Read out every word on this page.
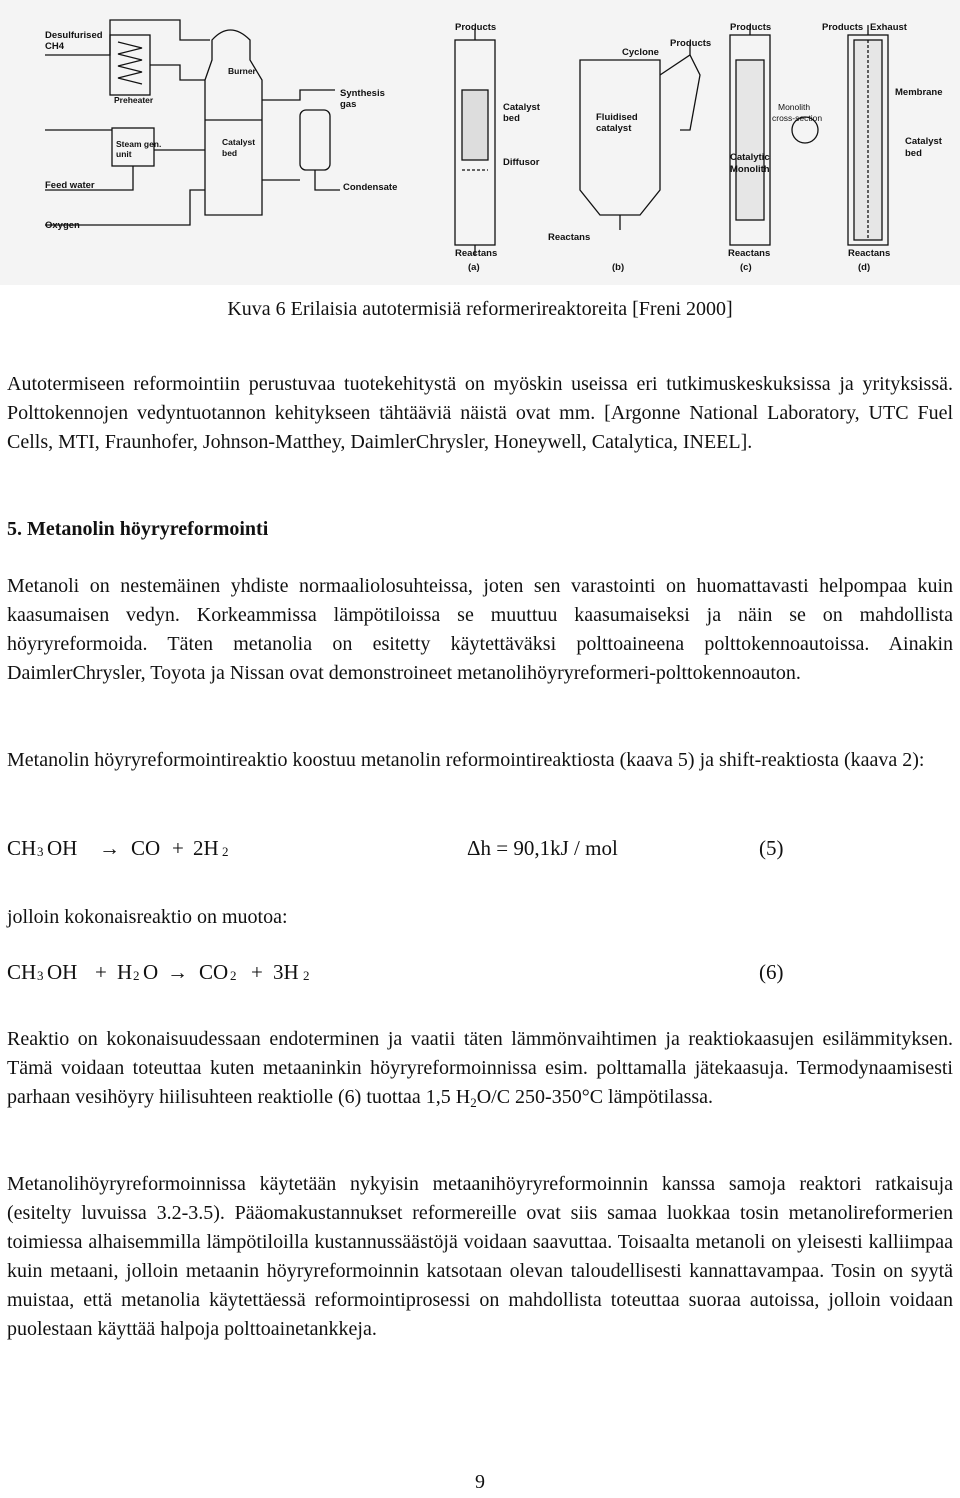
Desulfurised
CH4
Preheater
Burner
Synthesis
gas
Steam gen.
unit
Catalyst
bed
Feed water	Condensate
Oxygen
Products
Catalyst
bed
Diffusor
Reactans
(a)
Cyclone
Products
Fluidised
catalyst
Reactans
(b)
Products
Monolith
cross-section
Catalytic
Monolith
Reactans
(c)
Products Exhaust
Membrane
Catalyst
bed
Reactans
(d)
Kuva 6 Erilaisia autotermisiä reformerireaktoreita [Freni 2000]

Autotermiseen reformointiin perustuvaa tuotekehitystä on myöskin useissa eri tutkimuskeskuksissa ja yrityksissä. Polttokennojen vedyntuotannon kehitykseen tähtääviä näistä ovat mm. [Argonne National Laboratory, UTC Fuel Cells, MTI, Fraunhofer, Johnson-Matthey, DaimlerChrysler, Honeywell, Catalytica, INEEL].

5. Metanolin höyryreformointi

Metanoli on nestemäinen yhdiste normaaliolosuhteissa, joten sen varastointi on huomattavasti helpompaa kuin kaasumaisen vedyn. Korkeammissa lämpötiloissa se muuttuu kaasumaiseksi ja näin se on mahdollista höyryreformoida. Täten metanolia on esitetty käytettäväksi polttoaineena polttokennoautoissa. Ainakin DaimlerChrysler, Toyota ja Nissan ovat demonstroineet metanolihöyryreformeri-polttokennoauton.

Metanolin höyryreformointireaktio koostuu metanolin reformointireaktiosta (kaava 5) ja shift-reaktiosta (kaava 2):

CH 3 OH → CO + 2H 2	Δh = 90,1kJ / mol	(5)

jolloin kokonaisreaktio on muotoa:

CH 3 OH + H 2 O → CO 2 + 3H 2	(6)

Reaktio on kokonaisuudessaan endoterminen ja vaatii täten lämmönvaihtimen ja reaktiokaasujen esilämmityksen. Tämä voidaan toteuttaa kuten metaaninkin höyryreformoinnissa esim. polttamalla jätekaasuja. Termodynaamisesti parhaan vesihöyry hiilisuhteen reaktiolle (6) tuottaa 1,5 $H_2O/C$ 250-350°C lämpötilassa.

Metanolihöyryreformoinnissa käytetään nykyisin metaanihöyryreformoinnin kanssa samoja reaktori ratkaisuja (esitelty luvuissa 3.2-3.5). Pääomakustannukset reformereille ovat siis samaa luokkaa tosin metanolireformerien toimiessa alhaisemmilla lämpötiloilla kustannussäästöjä voidaan saavuttaa. Toisaalta metanoli on yleisesti kalliimpaa kuin metaani, jolloin metaanin höyryreformoinnin katsotaan olevan taloudellisesti kannattavampaa. Tosin on syytä muistaa, että metanolia käytettäessä reformointiprosessi on mahdollista toteuttaa suoraa autoissa, jolloin voidaan puolestaan käyttää halpoja polttoainetankkeja.

9
